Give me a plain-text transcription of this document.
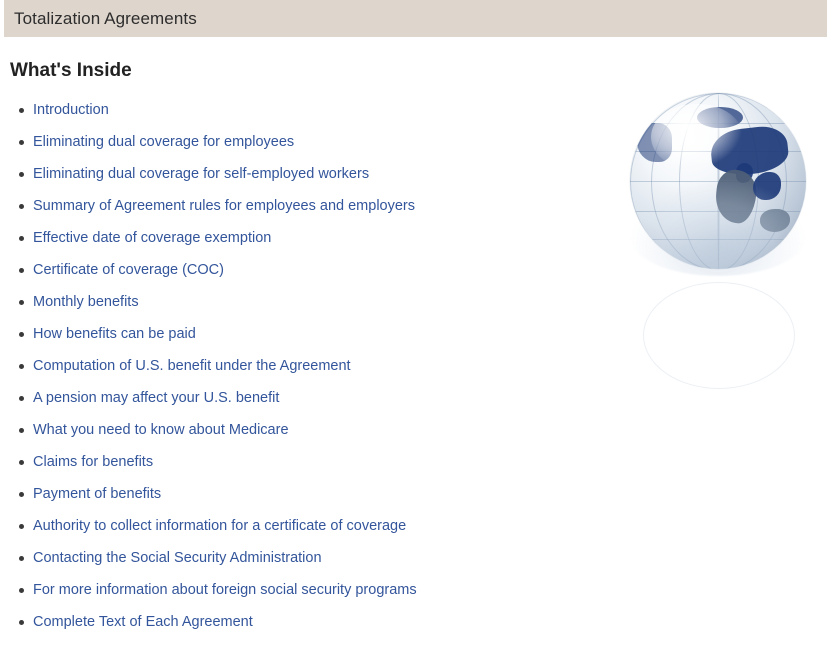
Totalization Agreements
What's Inside
Introduction
Eliminating dual coverage for employees
Eliminating dual coverage for self-employed workers
Summary of Agreement rules for employees and employers
Effective date of coverage exemption
Certificate of coverage (COC)
Monthly benefits
How benefits can be paid
Computation of U.S. benefit under the Agreement
A pension may affect your U.S. benefit
What you need to know about Medicare
Claims for benefits
Payment of benefits
Authority to collect information for a certificate of coverage
Contacting the Social Security Administration
For more information about foreign social security programs
Complete Text of Each Agreement
